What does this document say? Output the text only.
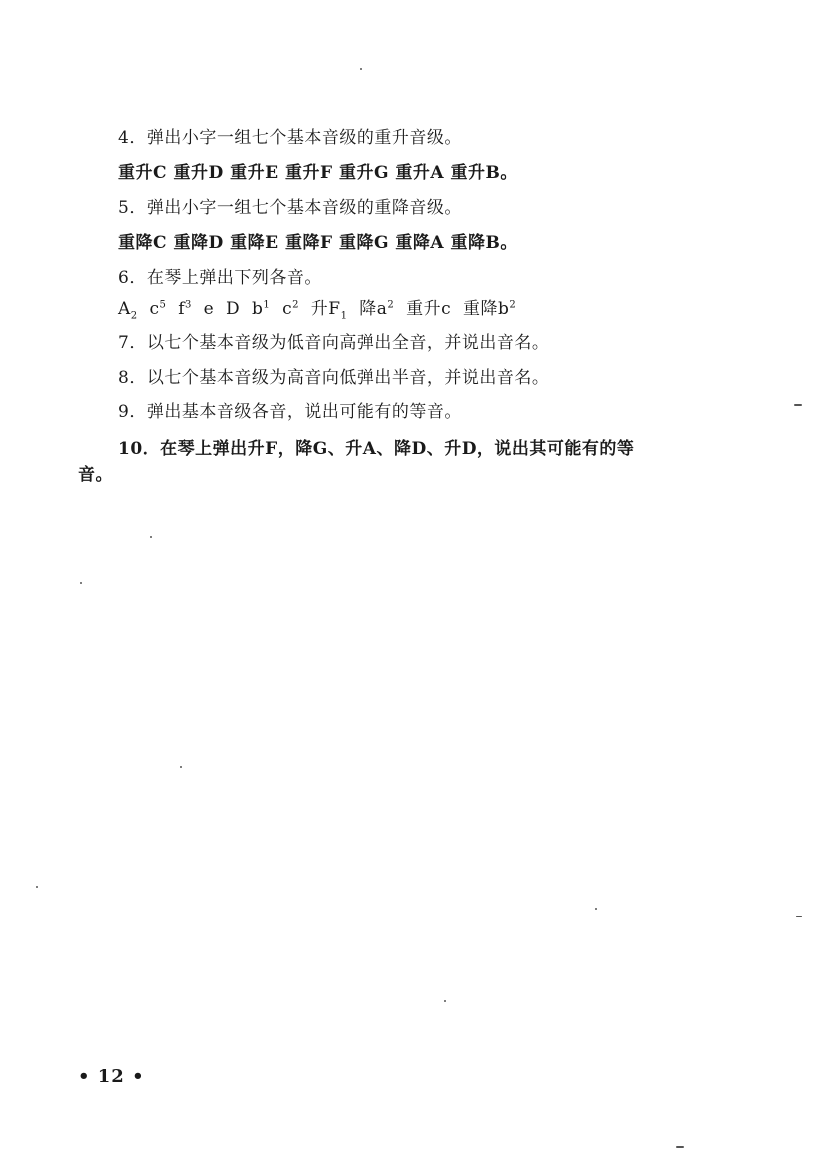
4．弹出小字一组七个基本音级的重升音级。
重升C 重升D 重升E 重升F 重升G 重升A 重升B。
5．弹出小字一组七个基本音级的重降音级。
重降C 重降D 重降E 重降F 重降G 重降A 重降B。
6．在琴上弹出下列各音。
$A_2$ $c^5$ $f^3$ e D $b^1$ $c^2$ 升$F_1$ 降$a^2$ 重升c 重降$b^2$
7．以七个基本音级为低音向高弹出全音，并说出音名。
8．以七个基本音级为高音向低弹出半音，并说出音名。
9．弹出基本音级各音，说出可能有的等音。
10．在琴上弹出升F，降G、升A、降D、升D，说出其可能有的等音。
• 12 •
